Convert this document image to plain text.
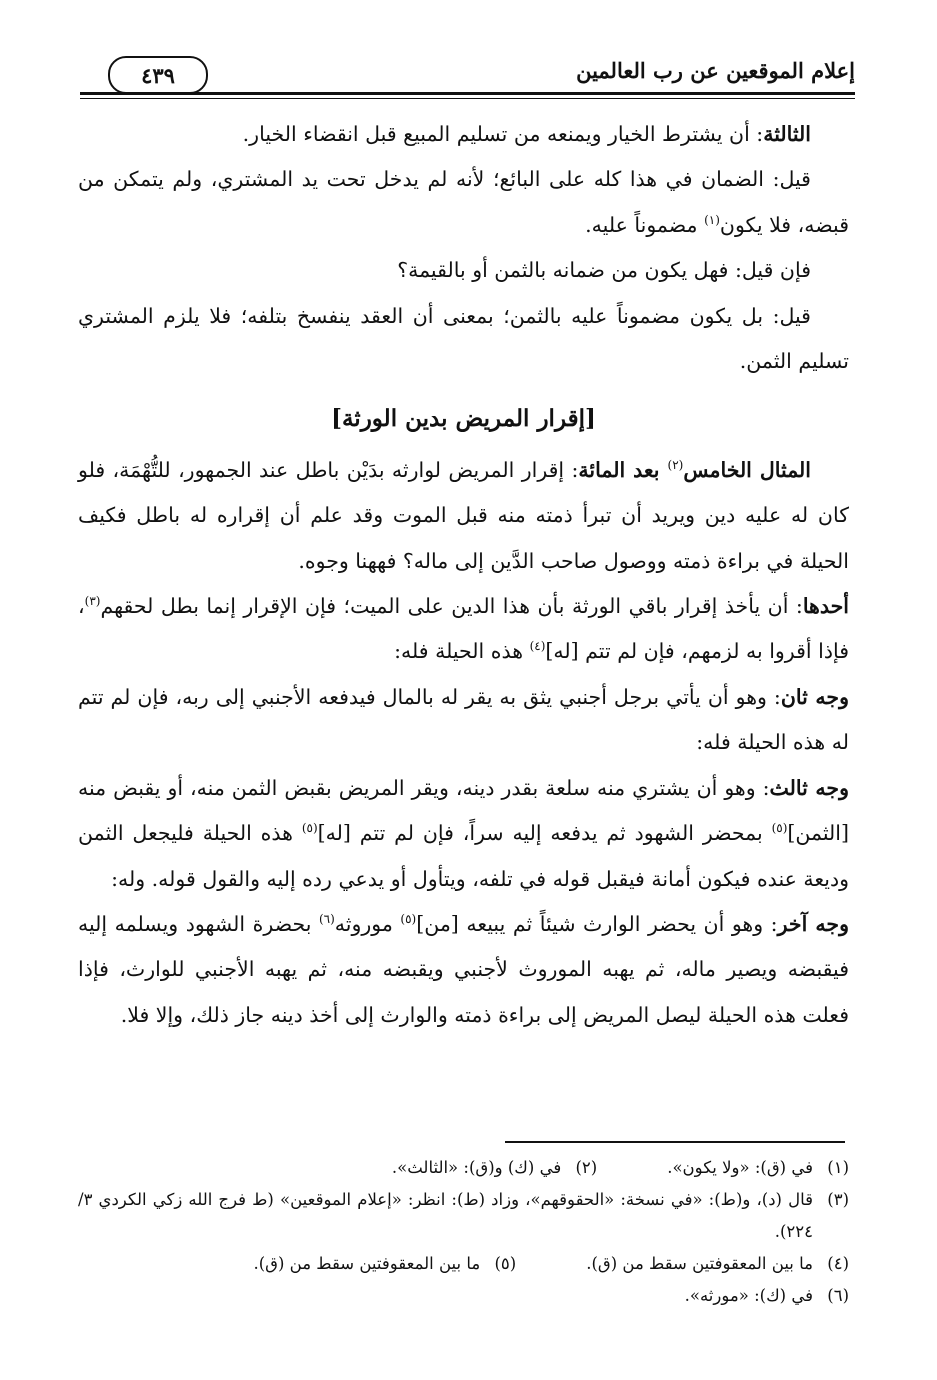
إعلام الموقعين عن رب العالمين
٤٣٩

الثالثة: أن يشترط الخيار ويمنعه من تسليم المبيع قبل انقضاء الخيار.

قيل: الضمان في هذا كله على البائع؛ لأنه لم يدخل تحت يد المشتري، ولم يتمكن من قبضه، فلا يكون$^{(١)}$ مضموناً عليه.

فإن قيل: فهل يكون من ضمانه بالثمن أو بالقيمة؟

قيل: بل يكون مضموناً عليه بالثمن؛ بمعنى أن العقد ينفسخ بتلفه؛ فلا يلزم المشتري تسليم الثمن.

[إقرار المريض بدين الورثة]

المثال الخامس$^{(٢)}$ بعد المائة: إقرار المريض لوارثه بدَيْن باطل عند الجمهور، للتُّهْمَة، فلو كان له عليه دين ويريد أن تبرأ ذمته منه قبل الموت وقد علم أن إقراره له باطل فكيف الحيلة في براءة ذمته ووصول صاحب الدَّين إلى ماله؟ فههنا وجوه.

أحدها: أن يأخذ إقرار باقي الورثة بأن هذا الدين على الميت؛ فإن الإقرار إنما بطل لحقهم$^{(٣)}$، فإذا أقروا به لزمهم، فإن لم تتم [له]$^{(٤)}$ هذه الحيلة فله:

وجه ثان: وهو أن يأتي برجل أجنبي يثق به يقر له بالمال فيدفعه الأجنبي إلى ربه، فإن لم تتم له هذه الحيلة فله:

وجه ثالث: وهو أن يشتري منه سلعة بقدر دينه، ويقر المريض بقبض الثمن منه، أو يقبض منه [الثمن]$^{(٥)}$ بمحضر الشهود ثم يدفعه إليه سراً، فإن لم تتم [له]$^{(٥)}$ هذه الحيلة فليجعل الثمن وديعة عنده فيكون أمانة فيقبل قوله في تلفه، ويتأول أو يدعي رده إليه والقول قوله. وله:

وجه آخر: وهو أن يحضر الوارث شيئاً ثم يبيعه [من]$^{(٥)}$ موروثه$^{(٦)}$ بحضرة الشهود ويسلمه إليه فيقبضه ويصير ماله، ثم يهبه الموروث لأجنبي ويقبضه منه، ثم يهبه الأجنبي للوارث، فإذا فعلت هذه الحيلة ليصل المريض إلى براءة ذمته والوارث إلى أخذ دينه جاز ذلك، وإلا فلا.

(١)
في (ق): «ولا يكون».
(٢)
في (ك) و(ق): «الثالث».
(٣)
قال (د)، و(ط): «في نسخة: «الحقوقهم»، وزاد (ط): انظر: «إعلام الموقعين» (ط فرج الله زكي الكردي ٣/ ٢٢٤).
(٤)
ما بين المعقوفتين سقط من (ق).
(٥)
ما بين المعقوفتين سقط من (ق).
(٦)
في (ك): «مورثه».
